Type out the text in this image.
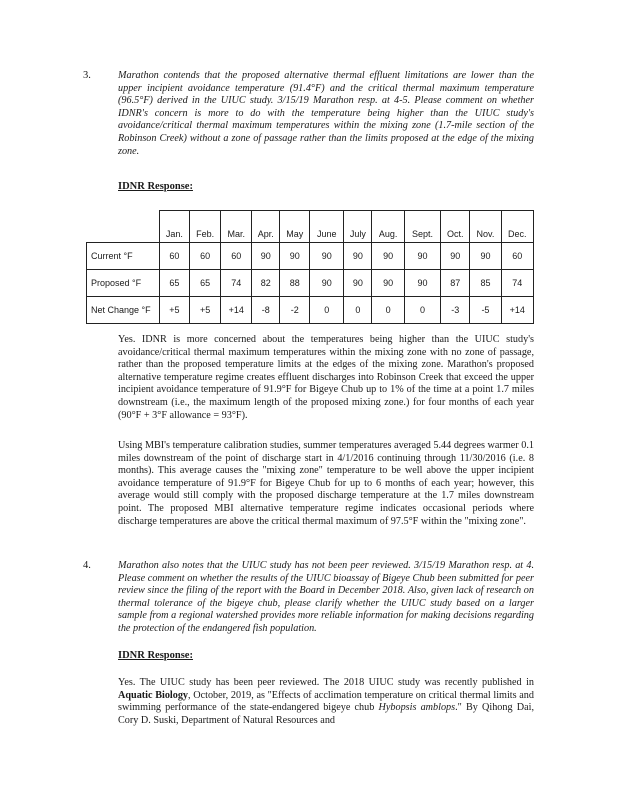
3.	Marathon contends that the proposed alternative thermal effluent limitations are lower than the upper incipient avoidance temperature (91.4°F) and the critical thermal maximum temperature (96.5°F) derived in the UIUC study. 3/15/19 Marathon resp. at 4-5. Please comment on whether IDNR's concern is more to do with the temperature being higher than the UIUC study's avoidance/critical thermal maximum temperatures within the mixing zone (1.7-mile section of the Robinson Creek) without a zone of passage rather than the limits proposed at the edge of the mixing zone.
IDNR Response:
	Jan.	Feb.	Mar.	Apr.	May	June	July	Aug.	Sept.	Oct.	Nov.	Dec.
Current °F	60	60	60	90	90	90	90	90	90	90	90	60
Proposed °F	65	65	74	82	88	90	90	90	90	87	85	74
Net Change °F	+5	+5	+14	-8	-2	0	0	0	0	-3	-5	+14
Yes. IDNR is more concerned about the temperatures being higher than the UIUC study's avoidance/critical thermal maximum temperatures within the mixing zone with no zone of passage, rather than the proposed temperature limits at the edges of the mixing zone. Marathon's proposed alternative temperature regime creates effluent discharges into Robinson Creek that exceed the upper incipient avoidance temperature of 91.9°F for Bigeye Chub up to 1% of the time at a point 1.7 miles downstream (i.e., the maximum length of the proposed mixing zone.) for four months of each year (90°F + 3°F allowance = 93°F).
Using MBI's temperature calibration studies, summer temperatures averaged 5.44 degrees warmer 0.1 miles downstream of the point of discharge start in 4/1/2016 continuing through 11/30/2016 (i.e. 8 months). This average causes the "mixing zone" temperature to be well above the upper incipient avoidance temperature of 91.9°F for Bigeye Chub for up to 6 months of each year; however, this average would still comply with the proposed discharge temperature at the 1.7 miles downstream point. The proposed MBI alternative temperature regime indicates occasional periods where discharge temperatures are above the critical thermal maximum of 97.5°F within the "mixing zone".
4.	Marathon also notes that the UIUC study has not been peer reviewed. 3/15/19 Marathon resp. at 4. Please comment on whether the results of the UIUC bioassay of Bigeye Chub been submitted for peer review since the filing of the report with the Board in December 2018. Also, given lack of research on thermal tolerance of the bigeye chub, please clarify whether the UIUC study based on a larger sample from a regional watershed provides more reliable information for making decisions regarding the protection of the endangered fish population.
IDNR Response:
Yes. The UIUC study has been peer reviewed. The 2018 UIUC study was recently published in Aquatic Biology, October, 2019, as "Effects of acclimation temperature on critical thermal limits and swimming performance of the state-endangered bigeye chub Hybopsis amblops." By Qihong Dai, Cory D. Suski, Department of Natural Resources and
